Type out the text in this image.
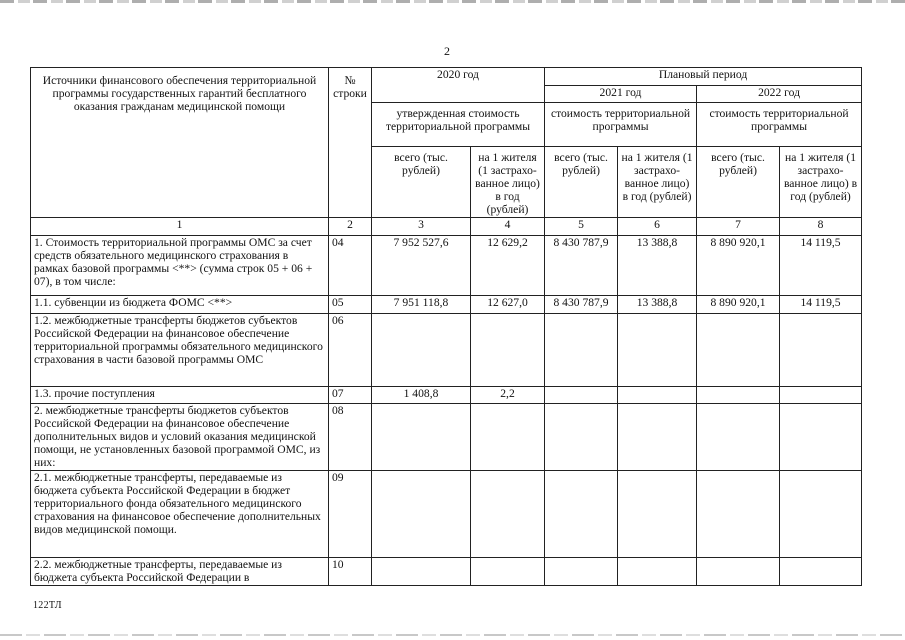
2
Источники финансового обеспечения территориальной программы государственных гарантий бесплатного оказания гражданам медицинской помощи	№ строки	2020 год		Плановый период			
				2021 год		2022 год	
		утвержденная стоимость территориальной программы		стоимость территориальной программы		стоимость территориальной программы	
		всего (тыс. рублей)	на 1 жителя (1 застрахо-ванное лицо) в год (рублей)	всего (тыс. рублей)	на 1 жителя (1 застрахо-ванное лицо) в год (рублей)	всего (тыс. рублей)	на 1 жителя (1 застрахо-ванное лицо) в год (рублей)
1	2	3	4	5	6	7	8
1. Стоимость территориальной программы ОМС за счет средств обязательного медицинского страхования в рамках базовой программы <**> (сумма строк 05 + 06 + 07), в том числе:	04	7 952 527,6	12 629,2	8 430 787,9	13 388,8	8 890 920,1	14 119,5
1.1. субвенции из бюджета ФОМС <**>	05	7 951 118,8	12 627,0	8 430 787,9	13 388,8	8 890 920,1	14 119,5
1.2. межбюджетные трансферты бюджетов субъектов Российской Федерации на финансовое обеспечение территориальной программы обязательного медицинского страхования в части базовой программы ОМС	06						
1.3. прочие поступления	07	1 408,8	2,2				
2. межбюджетные трансферты бюджетов субъектов Российской Федерации на финансовое обеспечение дополнительных видов и условий оказания медицинской помощи, не установленных базовой программой ОМС, из них:	08						
2.1. межбюджетные трансферты, передаваемые из бюджета субъекта Российской Федерации в бюджет территориального фонда обязательного медицинского страхования на финансовое обеспечение дополнительных видов медицинской помощи.	09						
2.2. межбюджетные трансферты, передаваемые из бюджета субъекта Российской Федерации в	10						
122ТЛ
